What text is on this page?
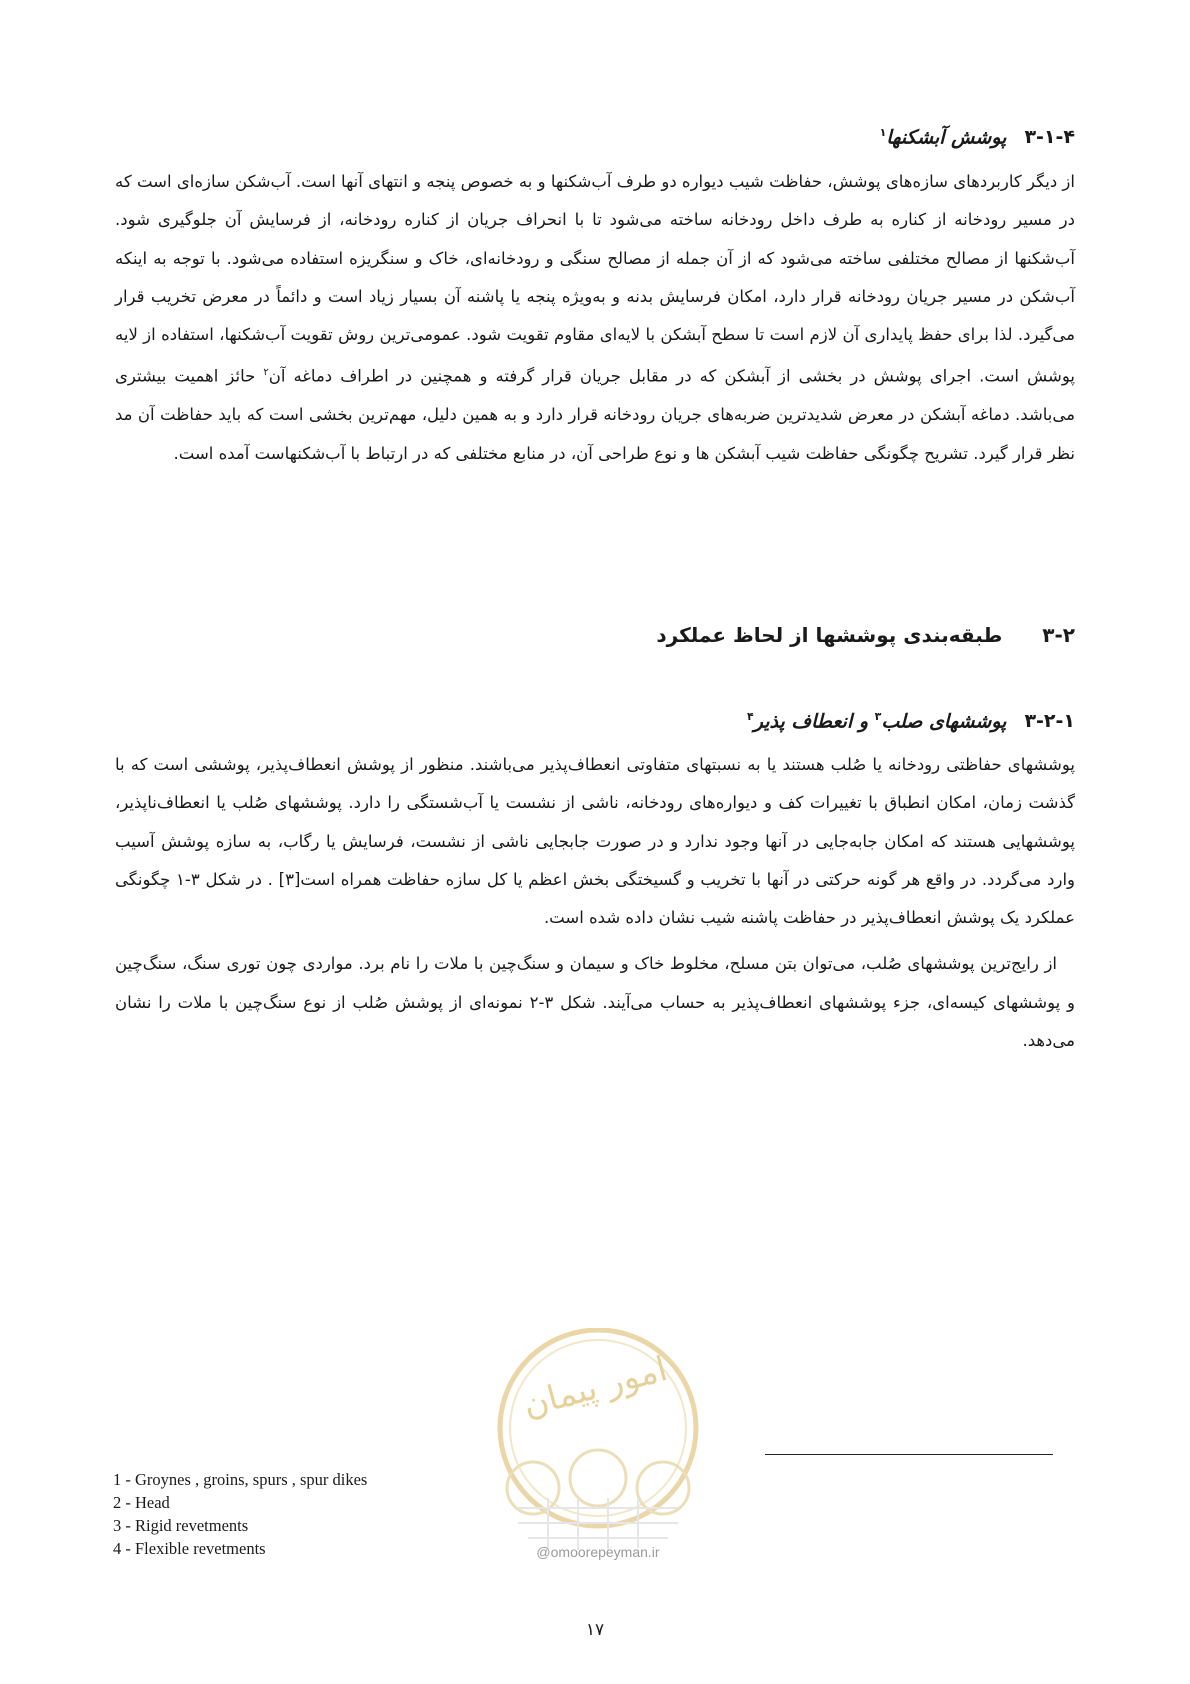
۳-۱-۴پوشش آبشکنها$^۱$

از دیگر کاربردهای سازه‌های پوشش، حفاظت شیب دیواره دو طرف آب‌شکنها و به خصوص پنجه و انتهای آنها است. آب‌شکن سازه‌ای است که در مسیر رودخانه از کناره به طرف داخل رودخانه ساخته می‌شود تا با انحراف جریان از کناره رودخانه، از فرسایش آن جلوگیری شود. آب‌شکنها از مصالح مختلفی ساخته می‌شود که از آن جمله از مصالح سنگی و رودخانه‌ای، خاک و سنگریزه استفاده می‌شود. با توجه به اینکه آب‌شکن در مسیر جریان رودخانه قرار دارد، امکان فرسایش بدنه و به‌ویژه پنجه یا پاشنه آن بسیار زیاد است و دائماً در معرض تخریب قرار می‌گیرد. لذا برای حفظ پایداری آن لازم است تا سطح آبشکن با لایه‌ای مقاوم تقویت شود. عمومی‌ترین روش تقویت آب‌شکنها، استفاده از لایه پوشش است. اجرای پوشش در بخشی از آبشکن که در مقابل جریان قرار گرفته و همچنین در اطراف دماغه آن$^۲$ حائز اهمیت بیشتری می‌باشد. دماغه آبشکن در معرض شدیدترین ضربه‌های جریان رودخانه قرار دارد و به همین دلیل، مهم‌ترین بخشی است که باید حفاظت آن مد نظر قرار گیرد. تشریح چگونگی حفاظت شیب آبشکن ها و نوع طراحی آن، در منابع مختلفی که در ارتباط با آب‌شکنهاست آمده است.

۳-۲طبقه‌بندی پوششها از لحاظ عملکرد
۳-۲-۱پوششهای صلب$^۳$ و انعطاف پذیر$^۴$

پوششهای حفاظتی رودخانه یا صُلب هستند یا به نسبتهای متفاوتی انعطاف‌پذیر می‌باشند. منظور از پوشش انعطاف‌پذیر، پوششی است که با گذشت زمان، امکان انطباق با تغییرات کف و دیواره‌های رودخانه، ناشی از نشست یا آب‌شستگی را دارد. پوششهای صُلب یا انعطاف‌ناپذیر، پوششهایی هستند که امکان جابه‌جایی در آنها وجود ندارد و در صورت جابجایی ناشی از نشست، فرسایش یا رگاب، به سازه پوشش آسیب وارد می‌گردد. در واقع هر گونه حرکتی در آنها با تخریب و گسیختگی بخش اعظم یا کل سازه حفاظت همراه است[۳] . در شکل ۳-۱ چگونگی عملکرد یک پوشش انعطاف‌پذیر در حفاظت پاشنه شیب نشان داده شده است.

از رایج‌ترین پوششهای صُلب، می‌توان بتن مسلح، مخلوط خاک و سیمان و سنگ‌چین با ملات را نام برد. مواردی چون توری سنگ، سنگ‌چین و پوششهای کیسه‌ای، جزء پوششهای انعطاف‌پذیر به حساب می‌آیند. شکل ۳-۲ نمونه‌ای از پوشش صُلب از نوع سنگ‌چین با ملات را نشان می‌دهد.

امور پیمان
@omoorepeyman.ir
1 - Groynes , groins, spurs , spur dikes
2 - Head
3 - Rigid revetments
4 - Flexible revetments
۱۷
